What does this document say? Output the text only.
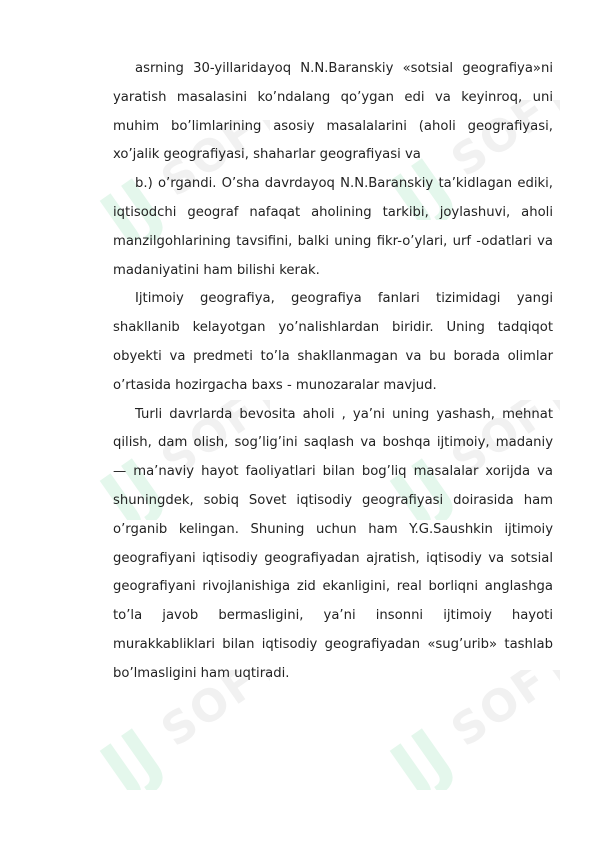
JJ
SOFT JJ
SOFT
JJ
SOFT
JJ
SOFT
JJ
SOFT
JJ
SOFT

asrning 30-yillaridayoq N.N.Baranskiy «sotsial geografiya»ni yaratish masalasini ko’ndalang qo’ygan edi va keyinroq, uni muhim bo’limlarining asosiy masalalarini (aholi geografiyasi, xo’jalik geografiyasi, shaharlar geografiyasi va

b.) o’rgandi. O’sha davrdayoq N.N.Baranskiy ta’kidlagan ediki, iqtisodchi geograf nafaqat aholining tarkibi, joylashuvi, aholi manzilgohlarining tavsifini, balki uning fikr-o’ylari, urf -odatlari va madaniyatini ham bilishi kerak.

Ijtimoiy geografiya, geografiya fanlari tizimidagi yangi shakllanib kelayotgan yo’nalishlardan biridir. Uning tadqiqot obyekti va predmeti to’la shakllanmagan va bu borada olimlar o’rtasida hozirgacha baxs - munozaralar mavjud.

Turli davrlarda bevosita aholi , ya’ni uning yashash, mehnat qilish, dam olish, sog’lig’ini saqlash va boshqa ijtimoiy, madaniy — ma’naviy hayot faoliyatlari bilan bog’liq masalalar xorijda va shuningdek, sobiq Sovet iqtisodiy geografiyasi doirasida ham o’rganib kelingan. Shuning uchun ham Y.G.Saushkin ijtimoiy geografiyani iqtisodiy geografiyadan ajratish, iqtisodiy va sotsial geografiyani rivojlanishiga zid ekanligini, real borliqni anglashga to’la javob bermasligini, ya’ni insonni ijtimoiy hayoti murakkabliklari bilan iqtisodiy geografiyadan «sug’urib» tashlab bo’lmasligini ham uqtiradi.
